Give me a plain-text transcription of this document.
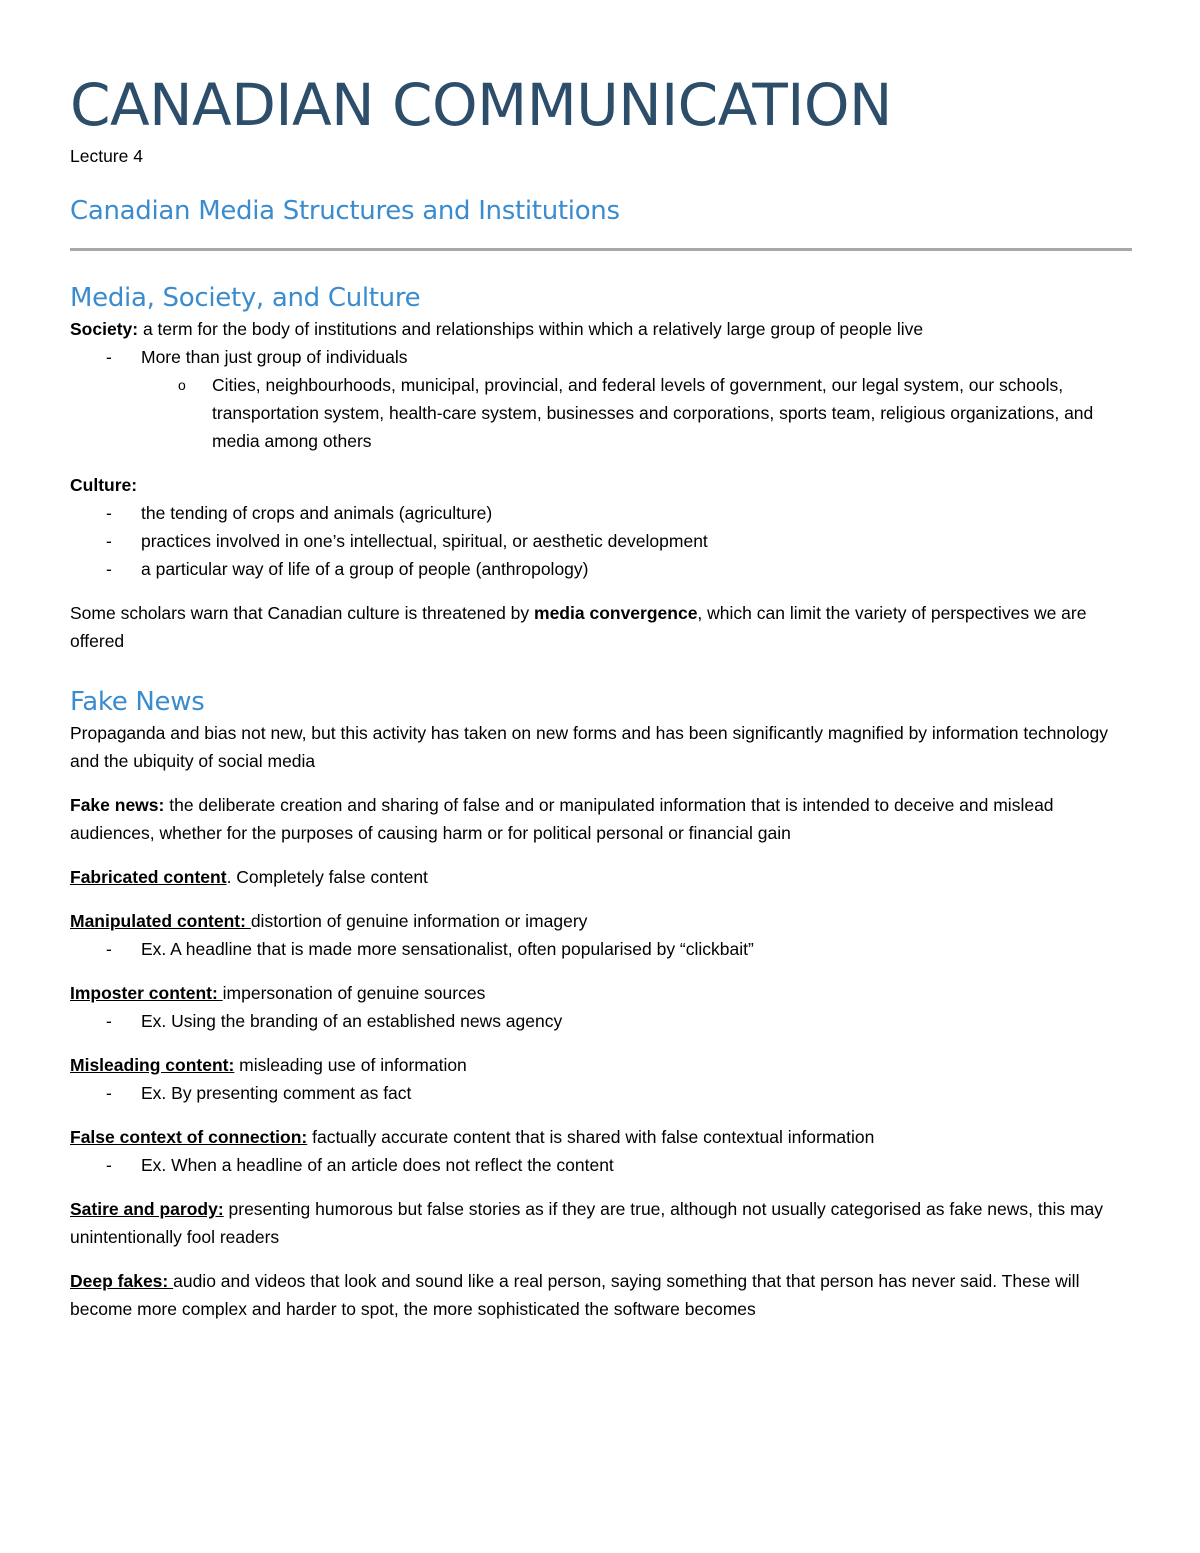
CANADIAN COMMUNICATION

Lecture 4

Canadian Media Structures and Institutions
Media, Society, and Culture

Society: a term for the body of institutions and relationships within which a relatively large group of people live

- More than just group of individuals
o Cities, neighbourhoods, municipal, provincial, and federal levels of government, our legal system, our schools, transportation system, health-care system, businesses and corporations, sports team, religious organizations, and media among others

Culture:

- the tending of crops and animals (agriculture)
- practices involved in one’s intellectual, spiritual, or aesthetic development
- a particular way of life of a group of people (anthropology)

Some scholars warn that Canadian culture is threatened by media convergence, which can limit the variety of perspectives we are offered

Fake News

Propaganda and bias not new, but this activity has taken on new forms and has been significantly magnified by information technology and the ubiquity of social media

Fake news: the deliberate creation and sharing of false and or manipulated information that is intended to deceive and mislead audiences, whether for the purposes of causing harm or for political personal or financial gain

Fabricated content. Completely false content

Manipulated content: distortion of genuine information or imagery

- Ex. A headline that is made more sensationalist, often popularised by “clickbait”

Imposter content: impersonation of genuine sources

- Ex. Using the branding of an established news agency

Misleading content: misleading use of information

- Ex. By presenting comment as fact

False context of connection: factually accurate content that is shared with false contextual information

- Ex. When a headline of an article does not reflect the content

Satire and parody: presenting humorous but false stories as if they are true, although not usually categorised as fake news, this may unintentionally fool readers

Deep fakes: audio and videos that look and sound like a real person, saying something that that person has never said. These will become more complex and harder to spot, the more sophisticated the software becomes
